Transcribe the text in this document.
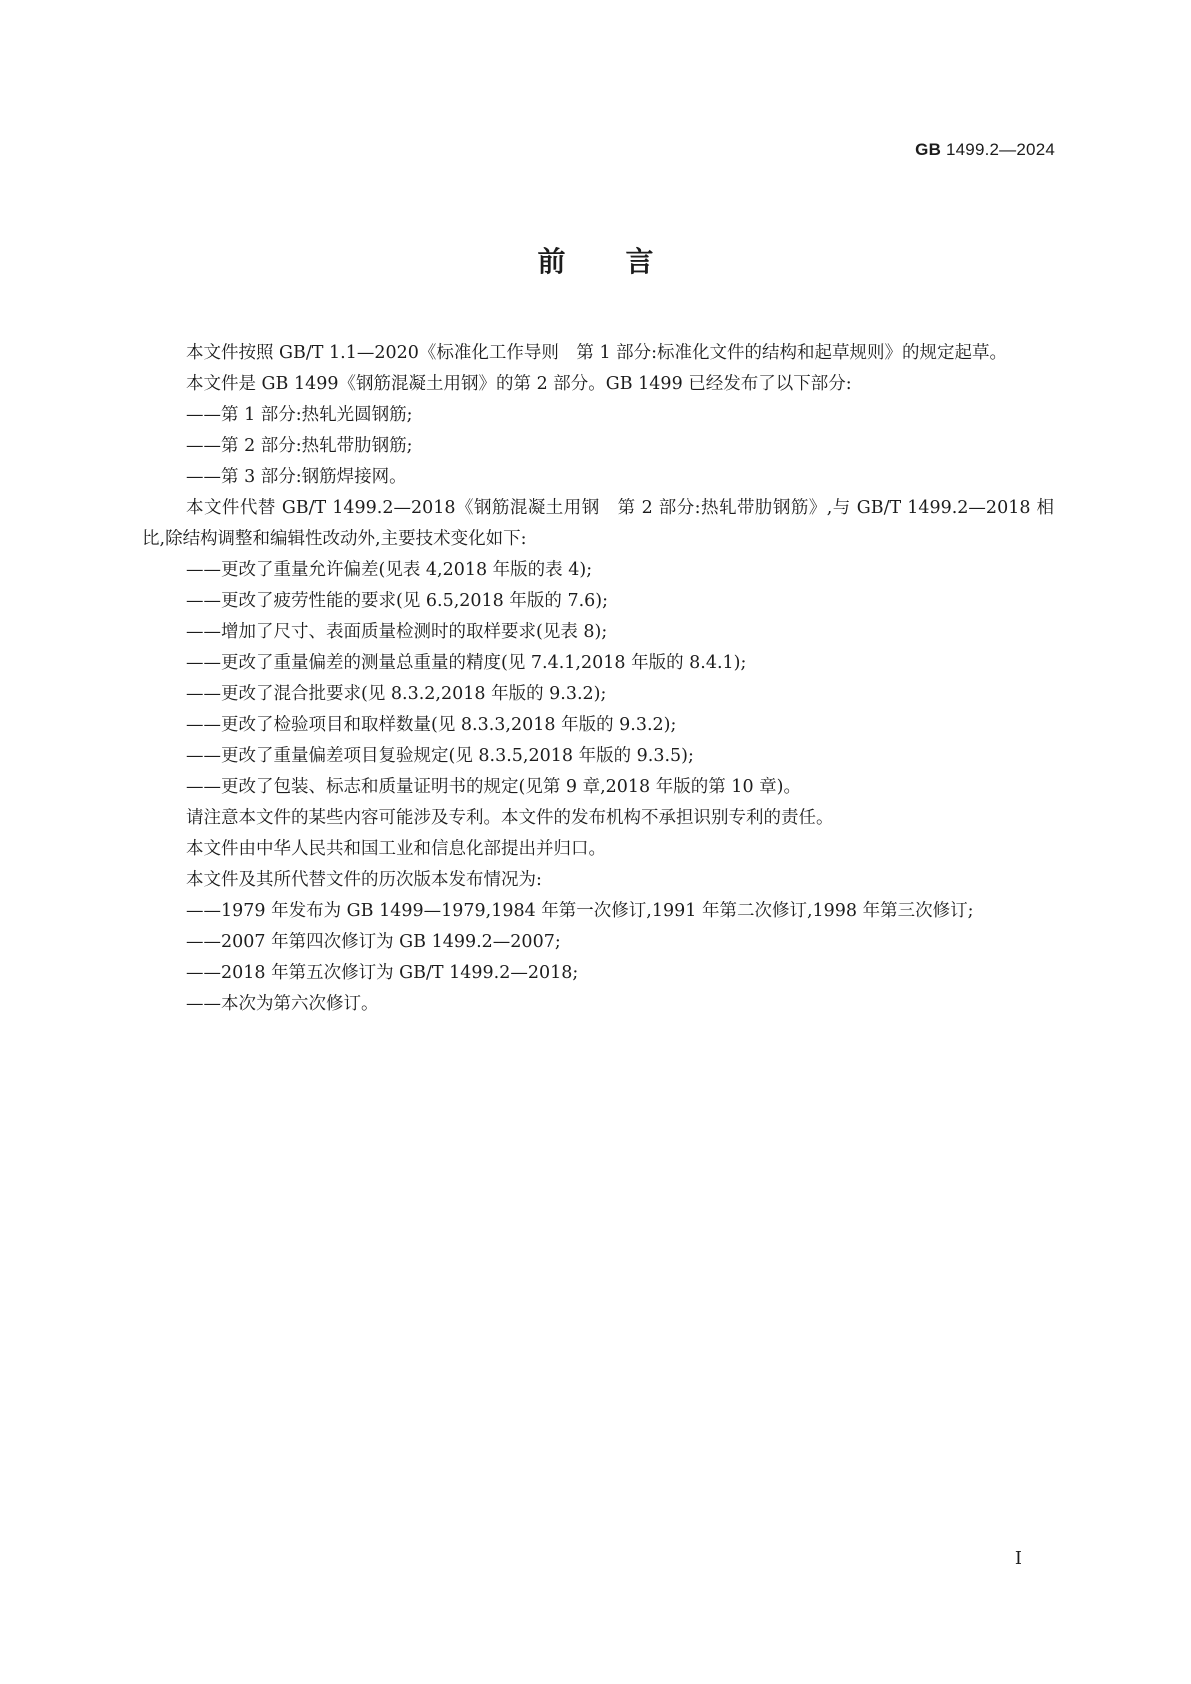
GB 1499.2—2024
前言
本文件按照 GB/T 1.1—2020《标准化工作导则　第 1 部分:标准化文件的结构和起草规则》的规定起草。
本文件是 GB 1499《钢筋混凝土用钢》的第 2 部分。GB 1499 已经发布了以下部分:
——第 1 部分:热轧光圆钢筋;
——第 2 部分:热轧带肋钢筋;
——第 3 部分:钢筋焊接网。
本文件代替 GB/T 1499.2—2018《钢筋混凝土用钢　第 2 部分:热轧带肋钢筋》,与 GB/T 1499.2—2018 相比,除结构调整和编辑性改动外,主要技术变化如下:
——更改了重量允许偏差(见表 4,2018 年版的表 4);
——更改了疲劳性能的要求(见 6.5,2018 年版的 7.6);
——增加了尺寸、表面质量检测时的取样要求(见表 8);
——更改了重量偏差的测量总重量的精度(见 7.4.1,2018 年版的 8.4.1);
——更改了混合批要求(见 8.3.2,2018 年版的 9.3.2);
——更改了检验项目和取样数量(见 8.3.3,2018 年版的 9.3.2);
——更改了重量偏差项目复验规定(见 8.3.5,2018 年版的 9.3.5);
——更改了包装、标志和质量证明书的规定(见第 9 章,2018 年版的第 10 章)。
请注意本文件的某些内容可能涉及专利。本文件的发布机构不承担识别专利的责任。
本文件由中华人民共和国工业和信息化部提出并归口。
本文件及其所代替文件的历次版本发布情况为:
——1979 年发布为 GB 1499—1979,1984 年第一次修订,1991 年第二次修订,1998 年第三次修订;
——2007 年第四次修订为 GB 1499.2—2007;
——2018 年第五次修订为 GB/T 1499.2—2018;
——本次为第六次修订。
I
